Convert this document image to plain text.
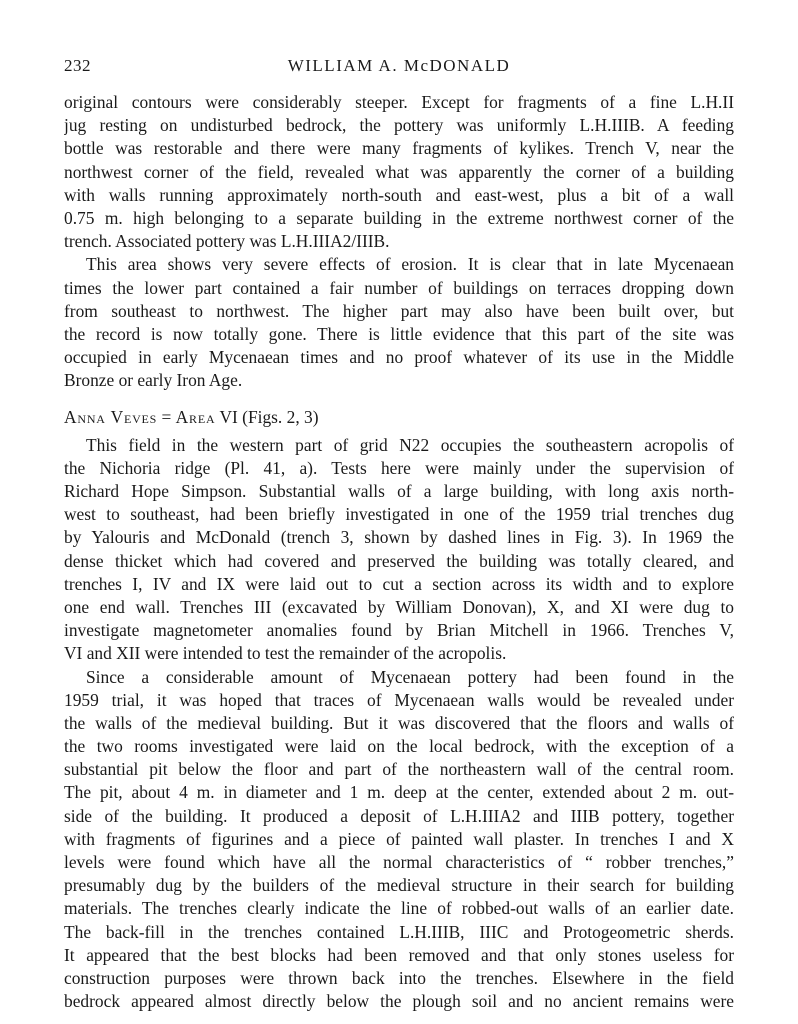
232	WILLIAM A. McDONALD
original contours were considerably steeper. Except for fragments of a fine L.H.II
jug resting on undisturbed bedrock, the pottery was uniformly L.H.IIIB. A feeding
bottle was restorable and there were many fragments of kylikes. Trench V, near the
northwest corner of the field, revealed what was apparently the corner of a building
with walls running approximately north-south and east-west, plus a bit of a wall
0.75 m. high belonging to a separate building in the extreme northwest corner of the
trench. Associated pottery was L.H.IIIA2/IIIB.
This area shows very severe effects of erosion. It is clear that in late Mycenaean
times the lower part contained a fair number of buildings on terraces dropping down
from southeast to northwest. The higher part may also have been built over, but
the record is now totally gone. There is little evidence that this part of the site was
occupied in early Mycenaean times and no proof whatever of its use in the Middle
Bronze or early Iron Age.
Anna Veves = Area VI (Figs. 2, 3)
This field in the western part of grid N22 occupies the southeastern acropolis of
the Nichoria ridge (Pl. 41, a). Tests here were mainly under the supervision of
Richard Hope Simpson. Substantial walls of a large building, with long axis north-
west to southeast, had been briefly investigated in one of the 1959 trial trenches dug
by Yalouris and McDonald (trench 3, shown by dashed lines in Fig. 3). In 1969 the
dense thicket which had covered and preserved the building was totally cleared, and
trenches I, IV and IX were laid out to cut a section across its width and to explore
one end wall. Trenches III (excavated by William Donovan), X, and XI were dug to
investigate magnetometer anomalies found by Brian Mitchell in 1966. Trenches V,
VI and XII were intended to test the remainder of the acropolis.
Since a considerable amount of Mycenaean pottery had been found in the
1959 trial, it was hoped that traces of Mycenaean walls would be revealed under
the walls of the medieval building. But it was discovered that the floors and walls of
the two rooms investigated were laid on the local bedrock, with the exception of a
substantial pit below the floor and part of the northeastern wall of the central room.
The pit, about 4 m. in diameter and 1 m. deep at the center, extended about 2 m. out-
side of the building. It produced a deposit of L.H.IIIA2 and IIIB pottery, together
with fragments of figurines and a piece of painted wall plaster. In trenches I and X
levels were found which have all the normal characteristics of “ robber trenches,”
presumably dug by the builders of the medieval structure in their search for building
materials. The trenches clearly indicate the line of robbed-out walls of an earlier date.
The back-fill in the trenches contained L.H.IIIB, IIIC and Protogeometric sherds.
It appeared that the best blocks had been removed and that only stones useless for
construction purposes were thrown back into the trenches. Elsewhere in the field
bedrock appeared almost directly below the plough soil and no ancient remains were
